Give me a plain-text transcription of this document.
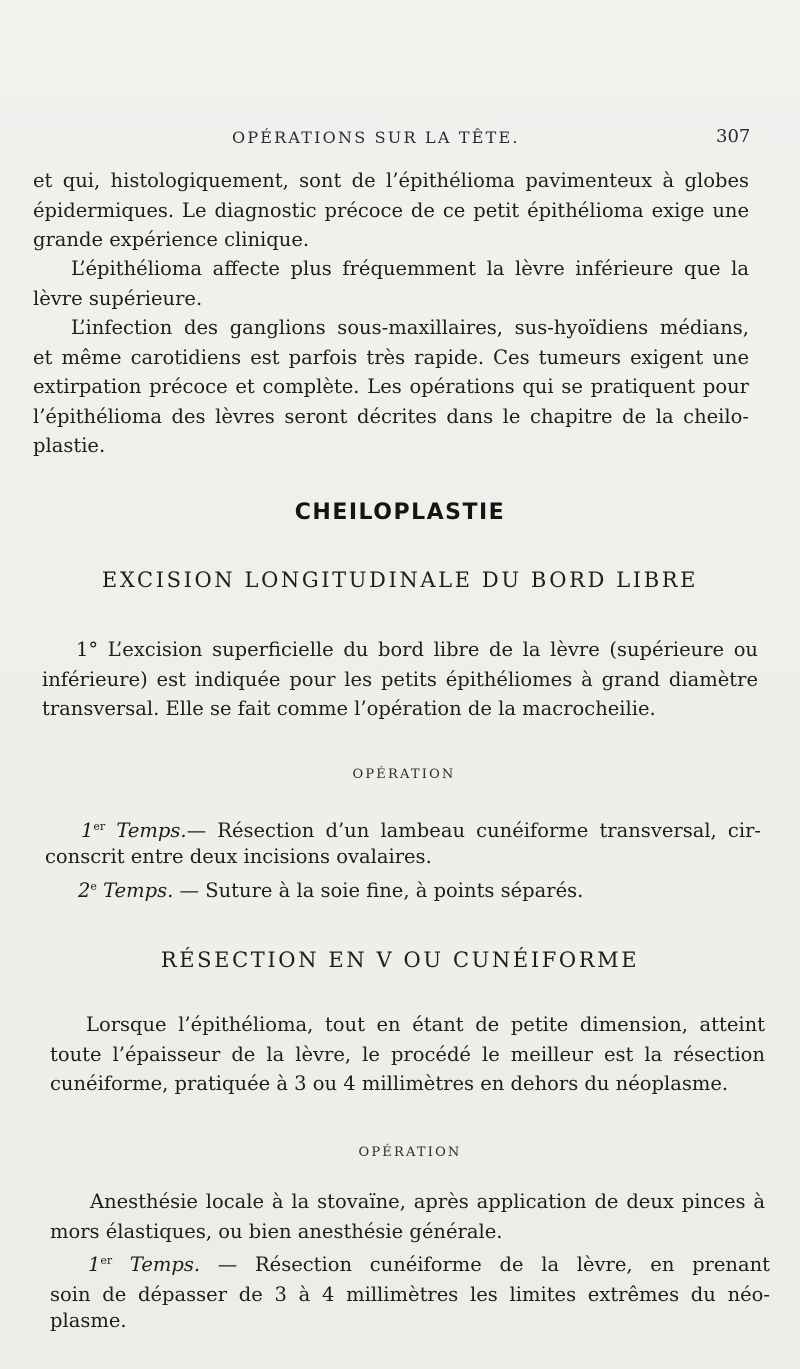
OPÉRATIONS SUR LA TÊTE.	307
et qui, histologiquement, sont de l’épithélioma pavimenteux à globes
épidermiques. Le diagnostic précoce de ce petit épithélioma exige une
grande expérience clinique.
L’épithélioma affecte plus fréquemment la lèvre inférieure que la
lèvre supérieure.
L’infection des ganglions sous-maxillaires, sus-hyoïdiens médians,
et même carotidiens est parfois très rapide. Ces tumeurs exigent une
extirpation précoce et complète. Les opérations qui se pratiquent pour
l’épithélioma des lèvres seront décrites dans le chapitre de la cheilo-
plastie.
CHEILOPLASTIE
EXCISION LONGITUDINALE DU BORD LIBRE
1° L’excision superficielle du bord libre de la lèvre (supérieure ou
inférieure) est indiquée pour les petits épithéliomes à grand diamètre
transversal. Elle se fait comme l’opération de la macrocheilie.
OPÉRATION
1er Temps.— Résection d’un lambeau cunéiforme transversal, cir-
conscrit entre deux incisions ovalaires.
2e Temps. — Suture à la soie fine, à points séparés.
RÉSECTION EN V OU CUNÉIFORME
Lorsque l’épithélioma, tout en étant de petite dimension, atteint
toute l’épaisseur de la lèvre, le procédé le meilleur est la résection
cunéiforme, pratiquée à 3 ou 4 millimètres en dehors du néoplasme.
OPÉRATION
Anesthésie locale à la stovaïne, après application de deux pinces à
mors élastiques, ou bien anesthésie générale.
1er Temps. — Résection cunéiforme de la lèvre, en prenant
soin de dépasser de 3 à 4 millimètres les limites extrêmes du néo-
plasme.
